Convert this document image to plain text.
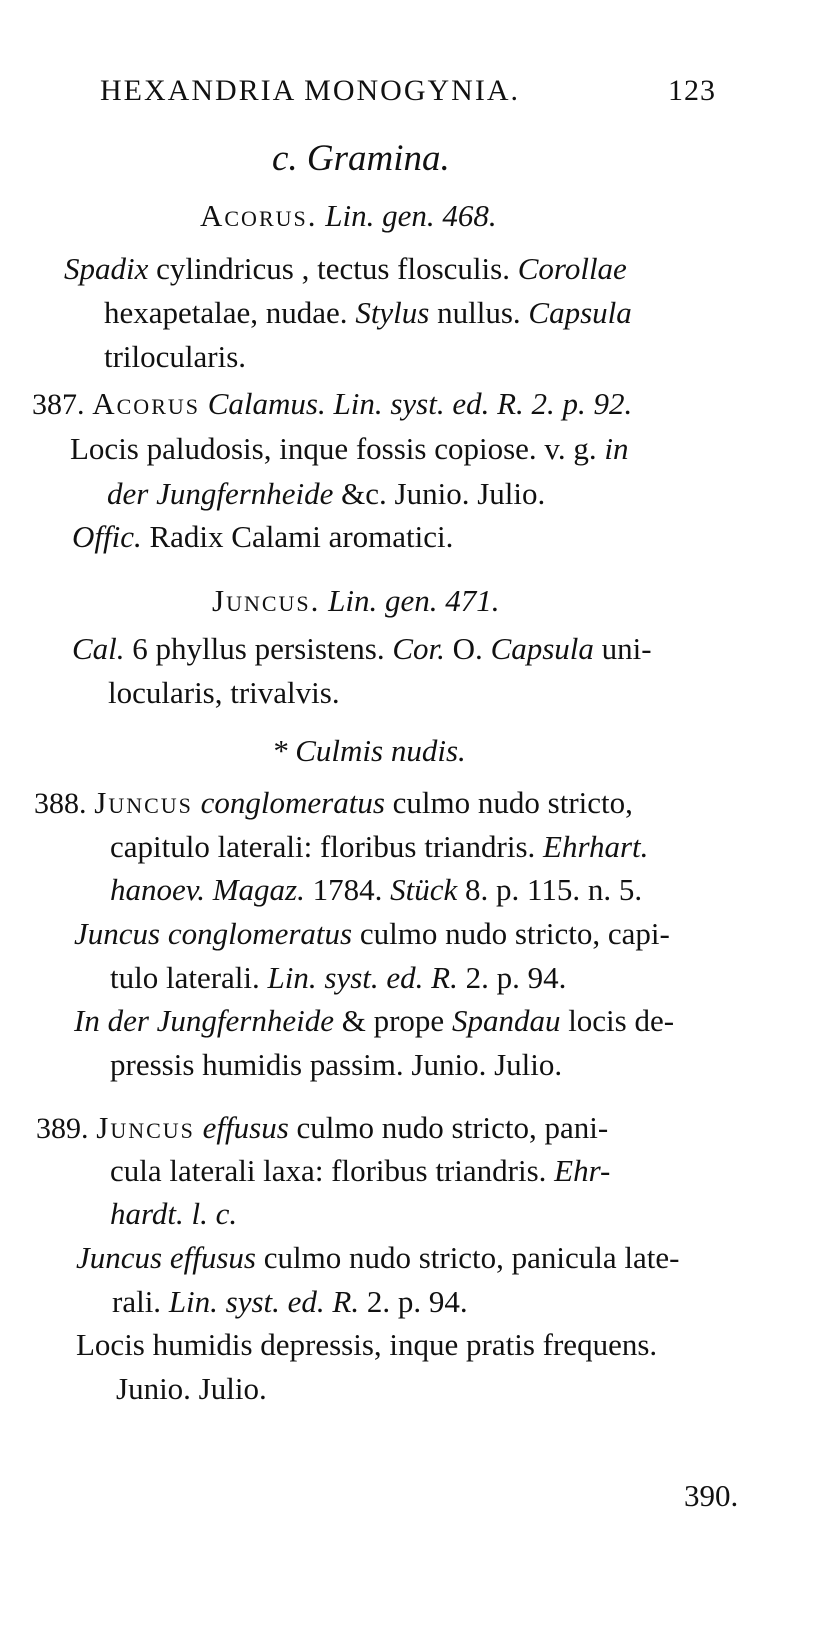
HEXANDRIA MONOGYNIA.	123
c. Gramina.
Acorus. Lin. gen. 468.
Spadix cylindricus , tectus flosculis. Corollae
hexapetalae, nudae. Stylus nullus. Capsula
trilocularis.
387. Acorus Calamus. Lin. syst. ed. R. 2. p. 92.
Locis paludosis, inque fossis copiose. v. g. in
der Jungfernheide &c. Junio. Julio.
Offic. Radix Calami aromatici.
Juncus. Lin. gen. 471.
Cal. 6 phyllus persistens. Cor. O. Capsula uni-
locularis, trivalvis.
* Culmis nudis.
388. Juncus conglomeratus culmo nudo stricto,
capitulo laterali: floribus triandris. Ehrhart.
hanoev. Magaz. 1784. Stück 8. p. 115. n. 5.
Juncus conglomeratus culmo nudo stricto, capi-
tulo laterali. Lin. syst. ed. R. 2. p. 94.
In der Jungfernheide & prope Spandau locis de-
pressis humidis passim. Junio. Julio.
389. Juncus effusus culmo nudo stricto, pani-
cula laterali laxa: floribus triandris. Ehr-
hardt. l. c.
Juncus effusus culmo nudo stricto, panicula late-
rali. Lin. syst. ed. R. 2. p. 94.
Locis humidis depressis, inque pratis frequens.
Junio. Julio.
390.
